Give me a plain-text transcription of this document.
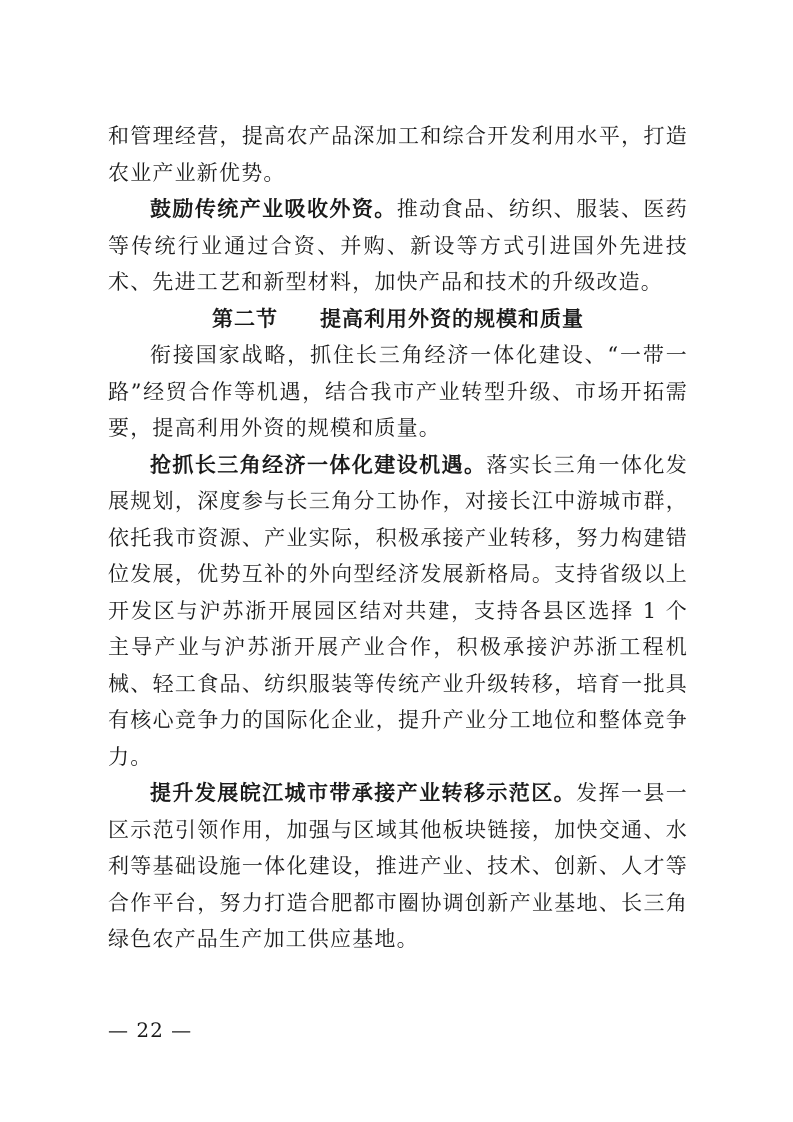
和管理经营，提高农产品深加工和综合开发利用水平，打造农业产业新优势。

鼓励传统产业吸收外资。推动食品、纺织、服装、医药等传统行业通过合资、并购、新设等方式引进国外先进技术、先进工艺和新型材料，加快产品和技术的升级改造。

第二节 提高利用外资的规模和质量

衔接国家战略，抓住长三角经济一体化建设、“一带一路”经贸合作等机遇，结合我市产业转型升级、市场开拓需要，提高利用外资的规模和质量。

抢抓长三角经济一体化建设机遇。落实长三角一体化发展规划，深度参与长三角分工协作，对接长江中游城市群，依托我市资源、产业实际，积极承接产业转移，努力构建错位发展，优势互补的外向型经济发展新格局。支持省级以上开发区与沪苏浙开展园区结对共建，支持各县区选择 1 个主导产业与沪苏浙开展产业合作，积极承接沪苏浙工程机械、轻工食品、纺织服装等传统产业升级转移，培育一批具有核心竞争力的国际化企业，提升产业分工地位和整体竞争力。

提升发展皖江城市带承接产业转移示范区。发挥一县一区示范引领作用，加强与区域其他板块链接，加快交通、水利等基础设施一体化建设，推进产业、技术、创新、人才等合作平台，努力打造合肥都市圈协调创新产业基地、长三角绿色农产品生产加工供应基地。

— 22 —
